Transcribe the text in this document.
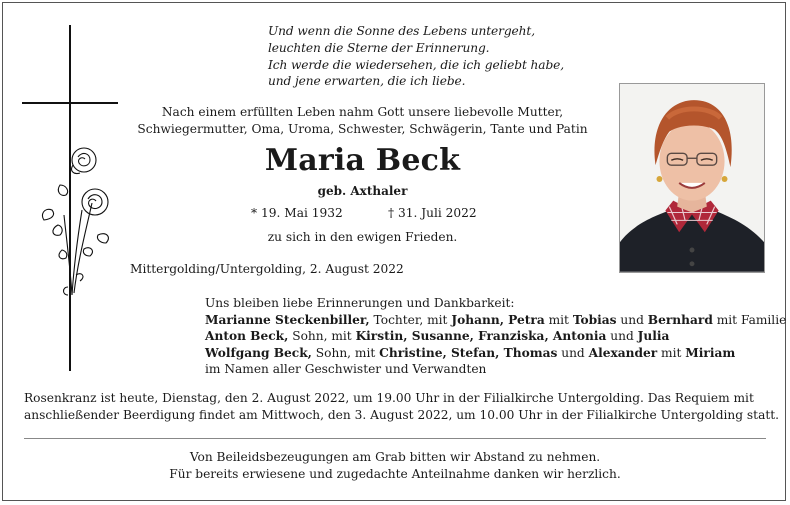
Und wenn die Sonne des Lebens untergeht,
leuchten die Sterne der Erinnerung.
Ich werde die wiedersehen, die ich geliebt habe,
und jene erwarten, die ich liebe.
Nach einem erfüllten Leben nahm Gott unsere liebevolle Mutter,
Schwiegermutter, Oma, Uroma, Schwester, Schwägerin, Tante und Patin
Maria Beck
geb. Axthaler
* 19. Mai 1932	† 31. Juli 2022
zu sich in den ewigen Frieden.
Mittergolding/Untergolding, 2. August 2022
Uns bleiben liebe Erinnerungen und Dankbarkeit:
Marianne Steckenbiller, Tochter, mit Johann, Petra mit Tobias und Bernhard mit Familie
Anton Beck, Sohn, mit Kirstin, Susanne, Franziska, Antonia und Julia
Wolfgang Beck, Sohn, mit Christine, Stefan, Thomas und Alexander mit Miriam
im Namen aller Geschwister und Verwandten
Rosenkranz ist heute, Dienstag, den 2. August 2022, um 19.00 Uhr in der Filialkirche Untergolding. Das Requiem mit
anschließender Beerdigung findet am Mittwoch, den 3. August 2022, um 10.00 Uhr in der Filialkirche Untergolding statt.
Von Beileidsbezeugungen am Grab bitten wir Abstand zu nehmen.
Für bereits erwiesene und zugedachte Anteilnahme danken wir herzlich.
